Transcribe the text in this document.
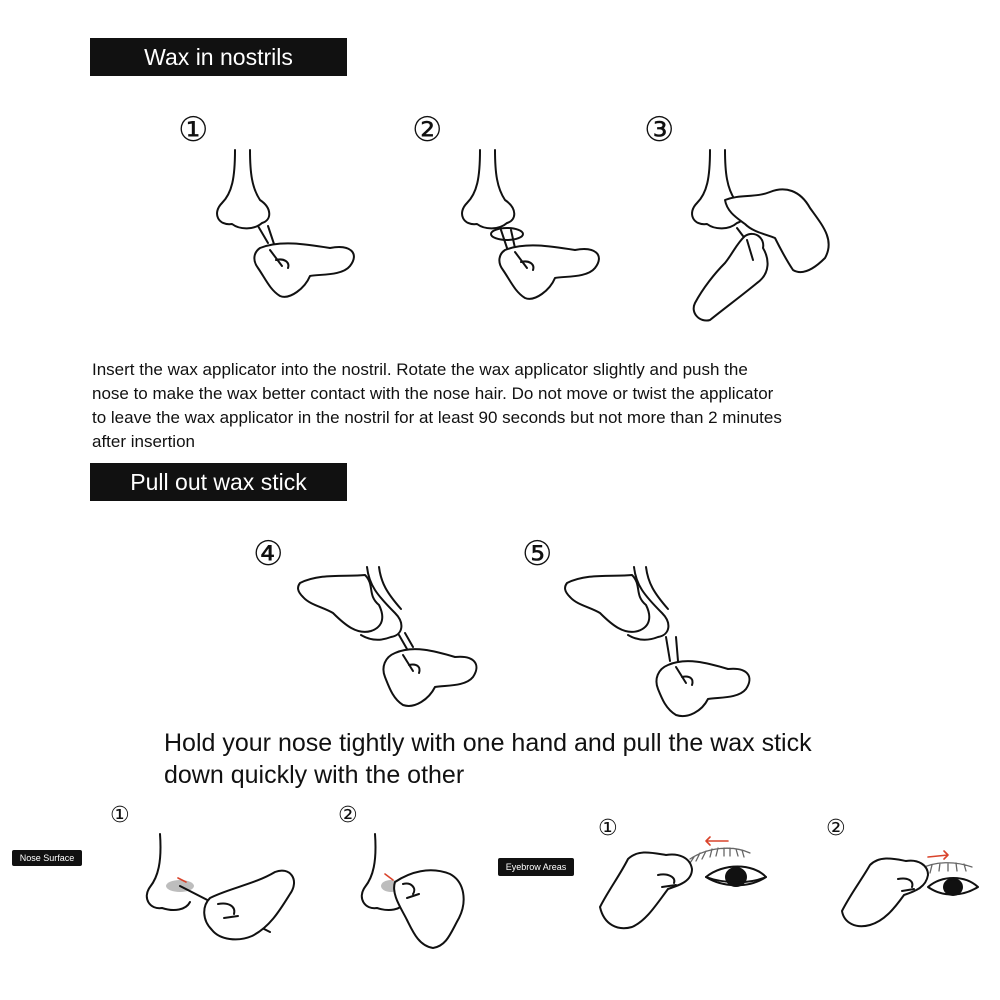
Wax in nostrils
①	②	③

Insert the wax applicator into the nostril. Rotate the wax applicator slightly and push the
nose to make the wax better contact with the nose hair. Do not move or twist the applicator
to leave the wax applicator in the nostril for at least 90 seconds but not more than 2 minutes
after insertion

Pull out wax stick
④	⑤

Hold your nose tightly with one hand and pull the wax stick
down quickly with the other

Nose Surface
Eyebrow Areas
①	②
①	②
